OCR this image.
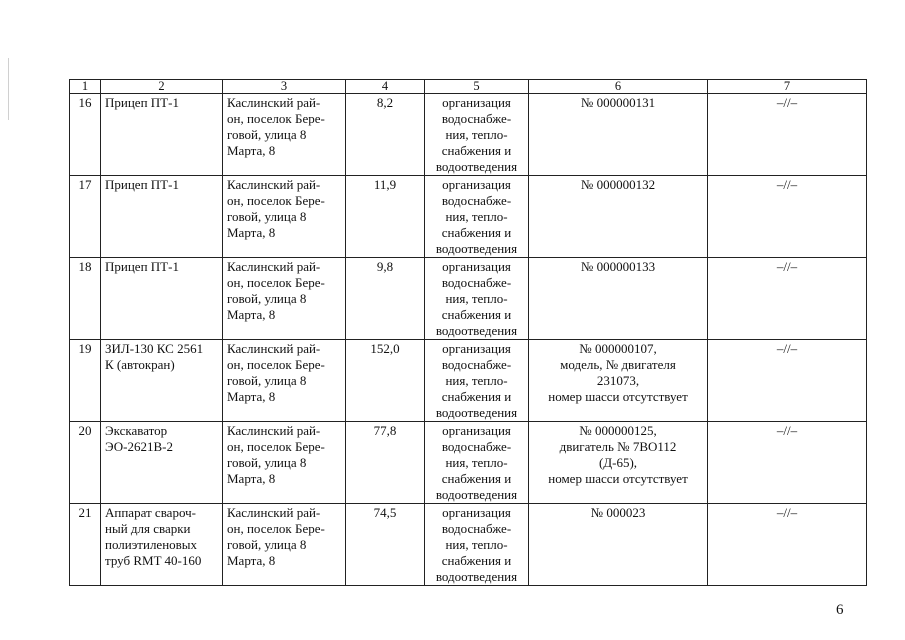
1	2	3	4	5	6	7
16	Прицеп ПТ-1	Каслинский рай-
он, поселок Бере-
говой, улица 8
Марта, 8	8,2	организация
водоснабже-
ния, тепло-
снабжения и
водоотведения	№ 000000131	–//–
17	Прицеп ПТ-1	Каслинский рай-
он, поселок Бере-
говой, улица 8
Марта, 8	11,9	организация
водоснабже-
ния, тепло-
снабжения и
водоотведения	№ 000000132	–//–
18	Прицеп ПТ-1	Каслинский рай-
он, поселок Бере-
говой, улица 8
Марта, 8	9,8	организация
водоснабже-
ния, тепло-
снабжения и
водоотведения	№ 000000133	–//–
19	ЗИЛ-130 КС 2561
К (автокран)	Каслинский рай-
он, поселок Бере-
говой, улица 8
Марта, 8	152,0	организация
водоснабже-
ния, тепло-
снабжения и
водоотведения	№ 000000107,
модель, № двигателя
231073,
номер шасси отсутствует	–//–
20	Экскаватор
ЭО-2621В-2	Каслинский рай-
он, поселок Бере-
говой, улица 8
Марта, 8	77,8	организация
водоснабже-
ния, тепло-
снабжения и
водоотведения	№ 000000125,
двигатель № 7ВО112
(Д-65),
номер шасси отсутствует	–//–
21	Аппарат свароч-
ный для сварки
полиэтиленовых
труб RMT 40-160	Каслинский рай-
он, поселок Бере-
говой, улица 8
Марта, 8	74,5	организация
водоснабже-
ния, тепло-
снабжения и
водоотведения	№ 000023	–//–
6
